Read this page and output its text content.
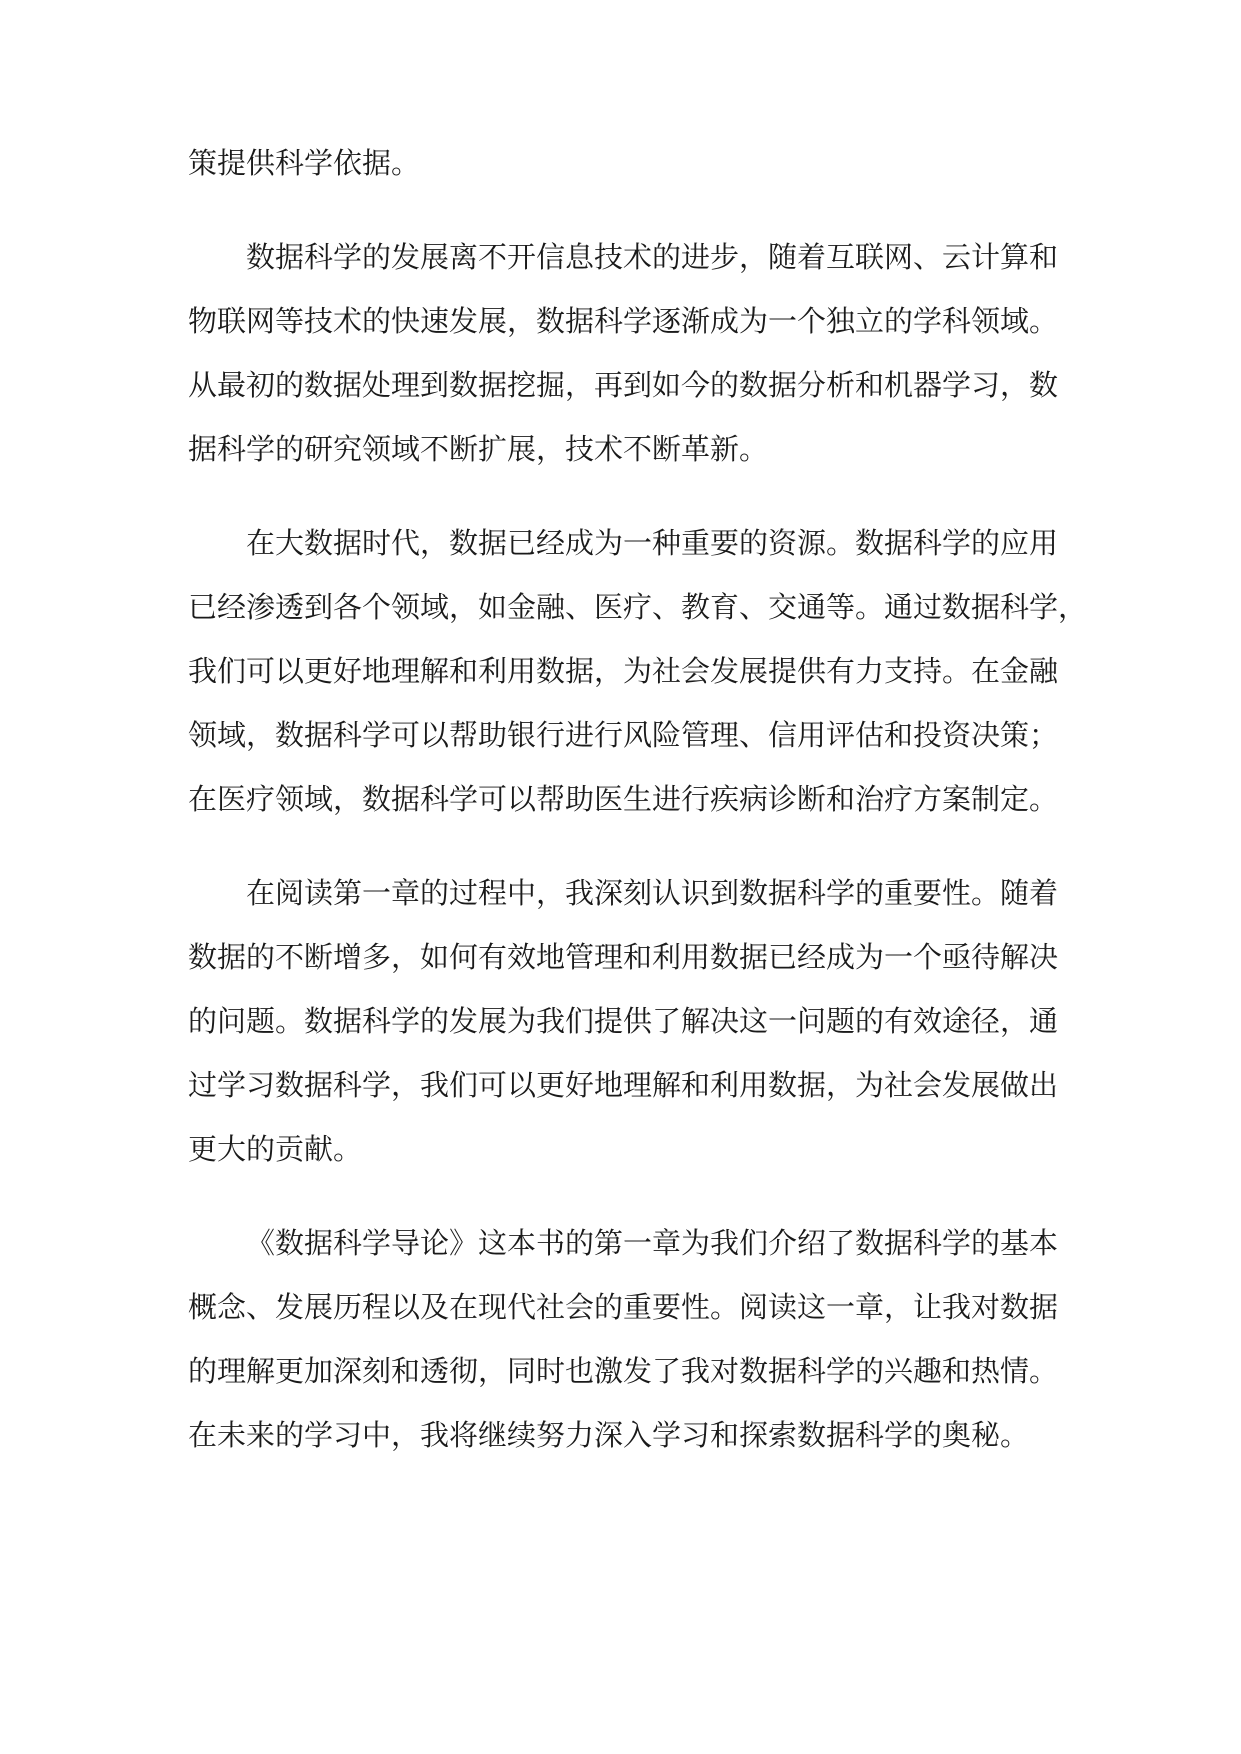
策提供科学依据。
数据科学的发展离不开信息技术的进步，随着互联网、云计算和
物联网等技术的快速发展，数据科学逐渐成为一个独立的学科领域。
从最初的数据处理到数据挖掘，再到如今的数据分析和机器学习，数
据科学的研究领域不断扩展，技术不断革新。
在大数据时代，数据已经成为一种重要的资源。数据科学的应用
已经渗透到各个领域，如金融、医疗、教育、交通等。通过数据科学，
我们可以更好地理解和利用数据，为社会发展提供有力支持。在金融
领域，数据科学可以帮助银行进行风险管理、信用评估和投资决策；
在医疗领域，数据科学可以帮助医生进行疾病诊断和治疗方案制定。
在阅读第一章的过程中，我深刻认识到数据科学的重要性。随着
数据的不断增多，如何有效地管理和利用数据已经成为一个亟待解决
的问题。数据科学的发展为我们提供了解决这一问题的有效途径，通
过学习数据科学，我们可以更好地理解和利用数据，为社会发展做出
更大的贡献。
《数据科学导论》这本书的第一章为我们介绍了数据科学的基本
概念、发展历程以及在现代社会的重要性。阅读这一章，让我对数据
的理解更加深刻和透彻，同时也激发了我对数据科学的兴趣和热情。
在未来的学习中，我将继续努力深入学习和探索数据科学的奥秘。
